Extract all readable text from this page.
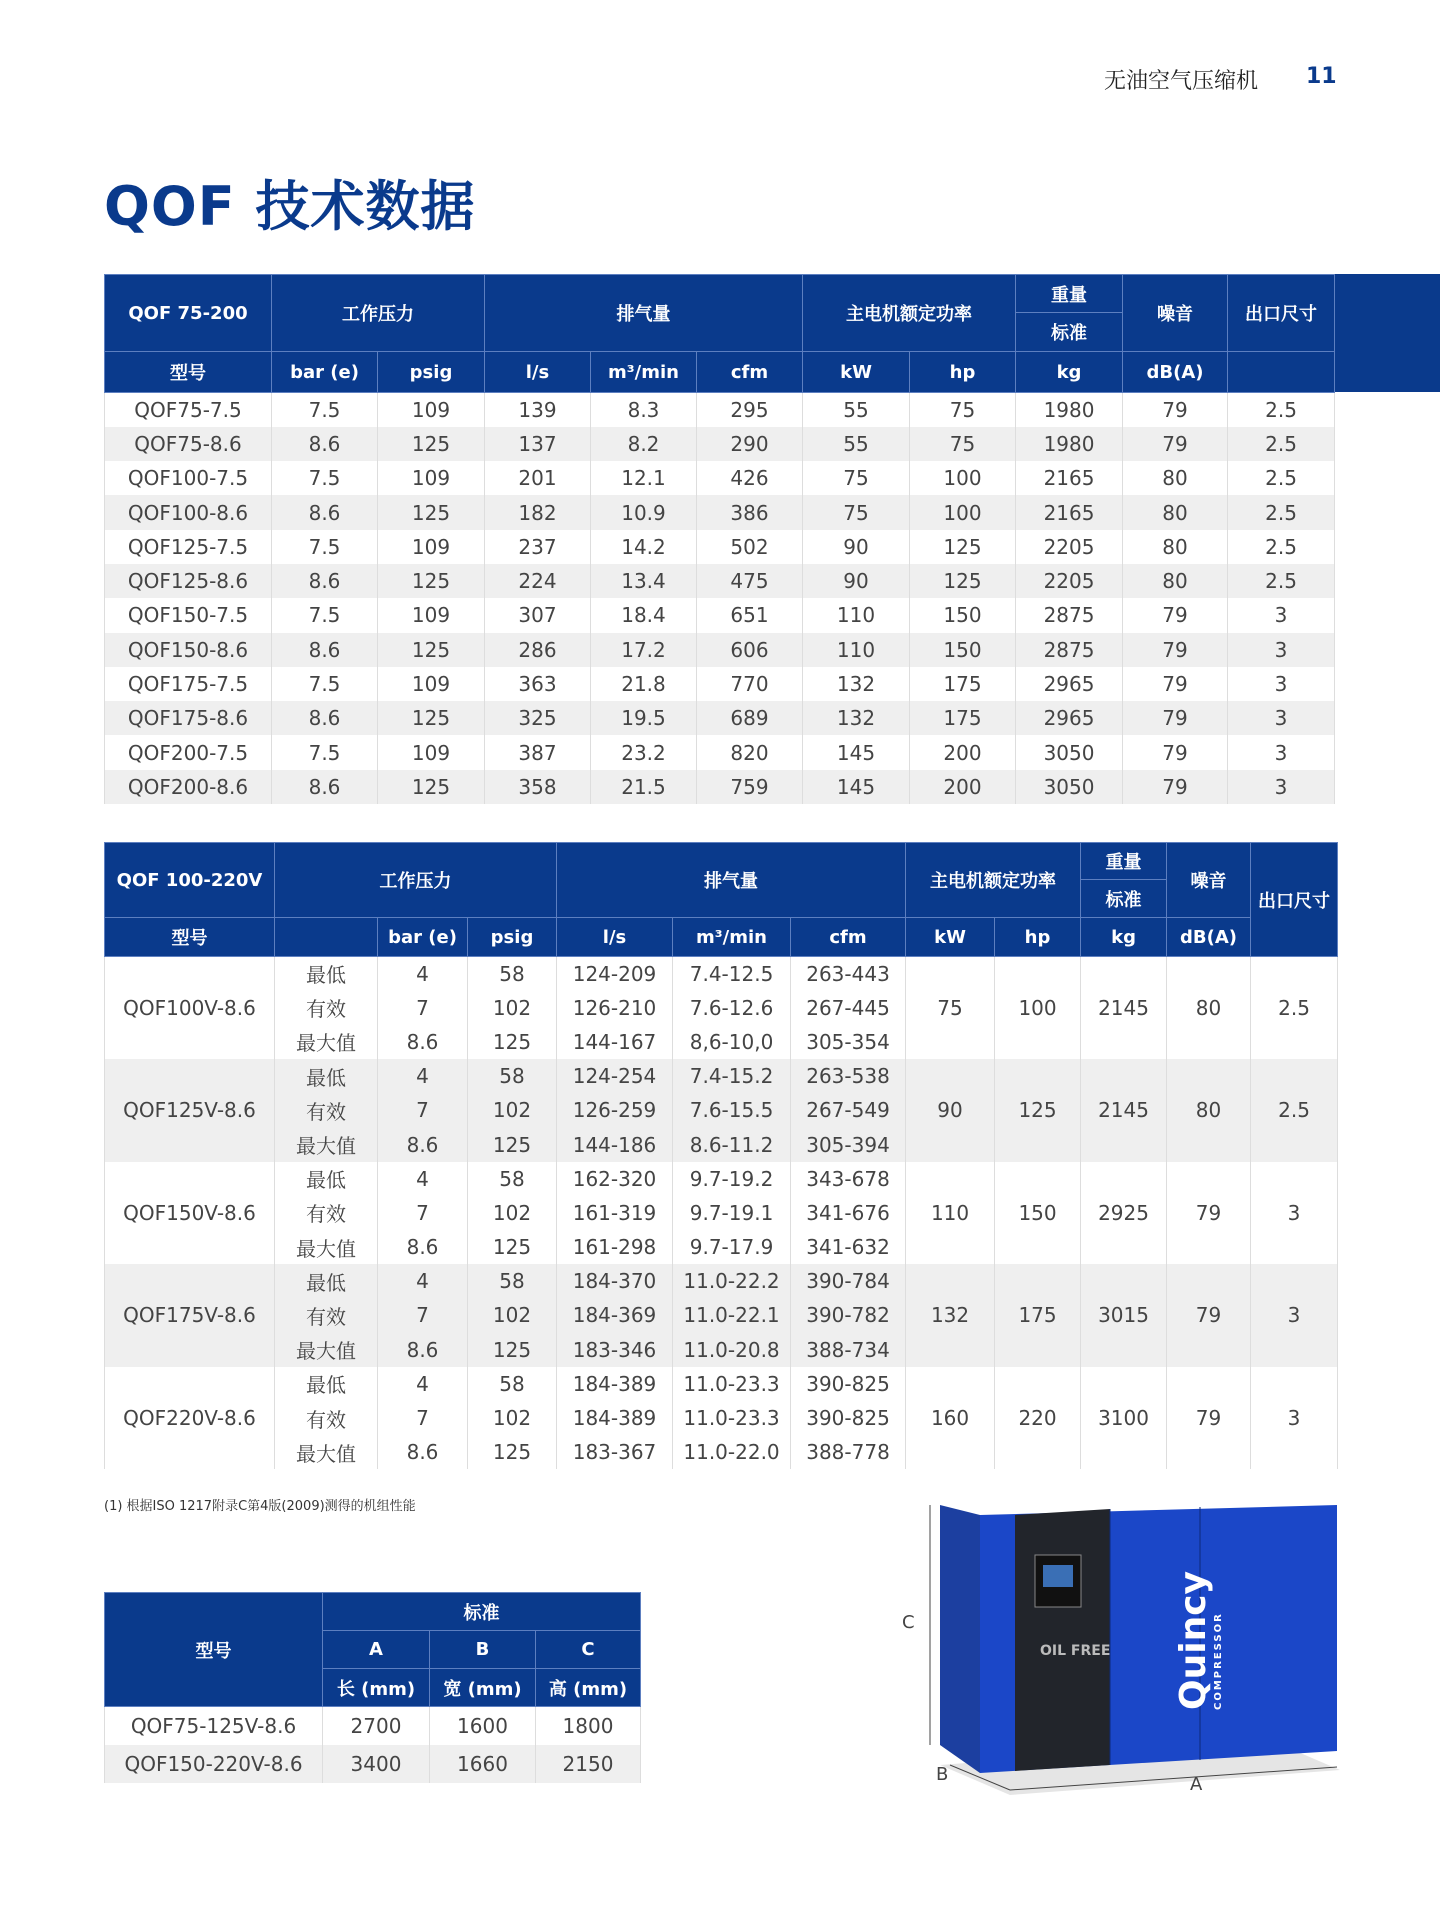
无油空气压缩机 11
QOF 技术数据
QOF 75-200	工作压力		排气量			主电机额定功率		重量	噪音	出口尺寸
								标准		
型号	bar (e)	psig	l/s	m³/min	cfm	kW	hp	kg	dB(A)	
QOF75-7.5	7.5	109	139	8.3	295	55	75	1980	79	2.5
QOF75-8.6	8.6	125	137	8.2	290	55	75	1980	79	2.5
QOF100-7.5	7.5	109	201	12.1	426	75	100	2165	80	2.5
QOF100-8.6	8.6	125	182	10.9	386	75	100	2165	80	2.5
QOF125-7.5	7.5	109	237	14.2	502	90	125	2205	80	2.5
QOF125-8.6	8.6	125	224	13.4	475	90	125	2205	80	2.5
QOF150-7.5	7.5	109	307	18.4	651	110	150	2875	79	3
QOF150-8.6	8.6	125	286	17.2	606	110	150	2875	79	3
QOF175-7.5	7.5	109	363	21.8	770	132	175	2965	79	3
QOF175-8.6	8.6	125	325	19.5	689	132	175	2965	79	3
QOF200-7.5	7.5	109	387	23.2	820	145	200	3050	79	3
QOF200-8.6	8.6	125	358	21.5	759	145	200	3050	79	3
QOF 100-220V	工作压力			排气量			主电机额定功率		重量	噪音	出口尺寸
									标准		
型号		bar (e)	psig	l/s	m³/min	cfm	kW	hp	kg	dB(A)	
QOF100V-8.6	最低	4	58	124-209	7.4-12.5	263-443	75	100	2145	80	2.5
	有效	7	102	126-210	7.6-12.6	267-445					
	最大值	8.6	125	144-167	8,6-10,0	305-354					
QOF125V-8.6	最低	4	58	124-254	7.4-15.2	263-538	90	125	2145	80	2.5
	有效	7	102	126-259	7.6-15.5	267-549					
	最大值	8.6	125	144-186	8.6-11.2	305-394					
QOF150V-8.6	最低	4	58	162-320	9.7-19.2	343-678	110	150	2925	79	3
	有效	7	102	161-319	9.7-19.1	341-676					
	最大值	8.6	125	161-298	9.7-17.9	341-632					
QOF175V-8.6	最低	4	58	184-370	11.0-22.2	390-784	132	175	3015	79	3
	有效	7	102	184-369	11.0-22.1	390-782					
	最大值	8.6	125	183-346	11.0-20.8	388-734					
QOF220V-8.6	最低	4	58	184-389	11.0-23.3	390-825	160	220	3100	79	3
	有效	7	102	184-389	11.0-23.3	390-825					
	最大值	8.6	125	183-367	11.0-22.0	388-778					
(1) 根据ISO 1217附录C第4版(2009)测得的机组性能
型号	标准		
	A	B	C
	长 (mm)	宽 (mm)	高 (mm)
QOF75-125V-8.6	2700	1600	1800
QOF150-220V-8.6	3400	1660	2150
C
OIL FREE Quincy COMPRESSOR
B	A
